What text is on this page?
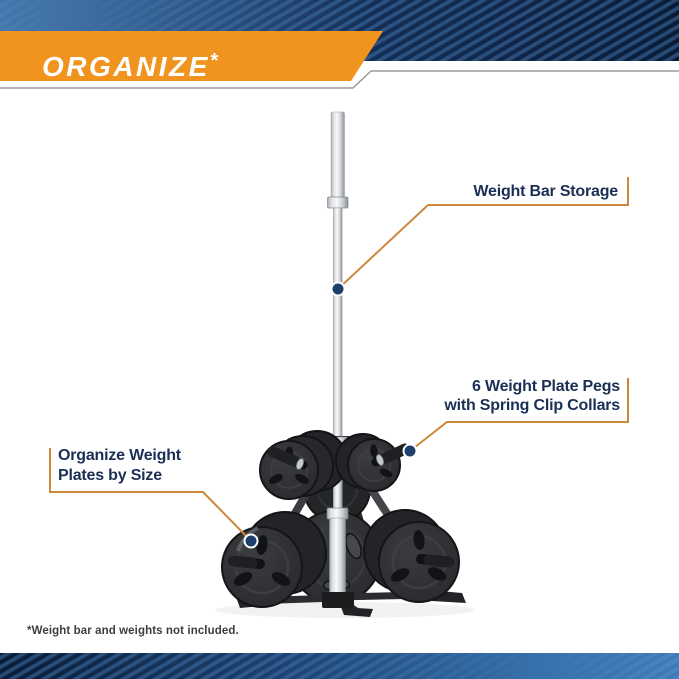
ORGANIZE*
Weight Bar Storage
6 Weight Plate Pegs
with Spring Clip Collars
Organize Weight
Plates by Size
*Weight bar and weights not included.
